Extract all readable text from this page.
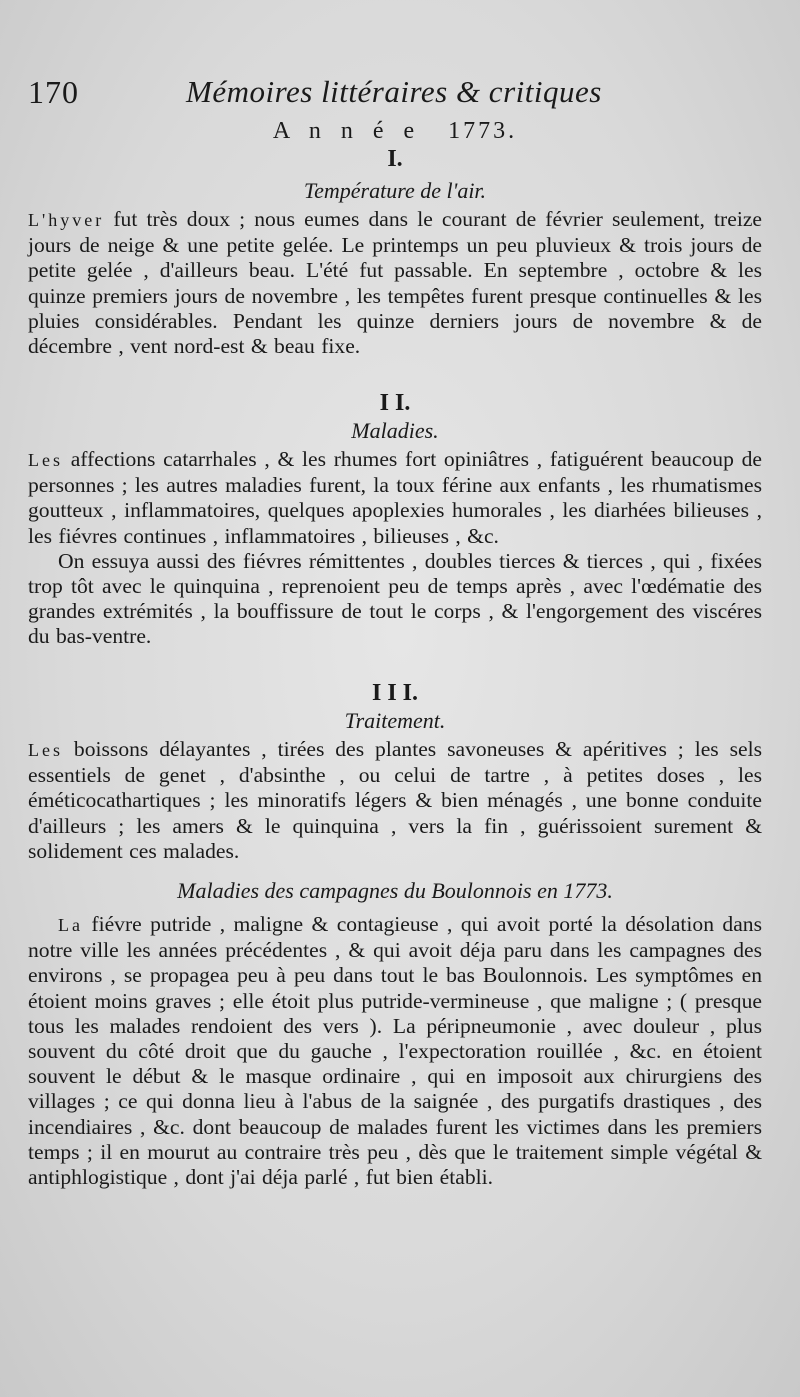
170	Mémoires littéraires & critiques
A n n é e 1773.
I.
Température de l'air.

L'hyver fut très doux ; nous eumes dans le courant de février seulement, treize jours de neige & une petite gelée. Le printemps un peu pluvieux & trois jours de petite gelée , d'ailleurs beau. L'été fut passable. En septembre , octobre & les quinze premiers jours de novembre , les tempêtes furent presque continuelles & les pluies considérables. Pendant les quinze derniers jours de novembre & de décembre , vent nord-est & beau fixe.

I I.
Maladies.

Les affections catarrhales , & les rhumes fort opiniâtres , fatiguérent beaucoup de personnes ; les autres maladies furent, la toux férine aux enfants , les rhumatismes goutteux , inflammatoires, quelques apoplexies humorales , les diarhées bilieuses , les fiévres continues , inflammatoires , bilieuses , &c.

On essuya aussi des fiévres rémittentes , doubles tierces & tierces , qui , fixées trop tôt avec le quinquina , reprenoient peu de temps après , avec l'œdématie des grandes extrémités , la bouffissure de tout le corps , & l'engorgement des viscéres du bas-ventre.

I I I.
Traitement.

Les boissons délayantes , tirées des plantes savoneuses & apéritives ; les sels essentiels de genet , d'absinthe , ou celui de tartre , à petites doses , les éméticocathartiques ; les minoratifs légers & bien ménagés , une bonne conduite d'ailleurs ; les amers & le quinquina , vers la fin , guérissoient surement & solidement ces malades.

Maladies des campagnes du Boulonnois en 1773.

La fiévre putride , maligne & contagieuse , qui avoit porté la désolation dans notre ville les années précédentes , & qui avoit déja paru dans les campagnes des environs , se propagea peu à peu dans tout le bas Boulonnois. Les symptômes en étoient moins graves ; elle étoit plus putride-vermineuse , que maligne ; ( presque tous les malades rendoient des vers ). La péripneumonie , avec douleur , plus souvent du côté droit que du gauche , l'expectoration rouillée , &c. en étoient souvent le début & le masque ordinaire , qui en imposoit aux chirurgiens des villages ; ce qui donna lieu à l'abus de la saignée , des purgatifs drastiques , des incendiaires , &c. dont beaucoup de malades furent les victimes dans les premiers temps ; il en mourut au contraire très peu , dès que le traitement simple végétal & antiphlogistique , dont j'ai déja parlé , fut bien établi.
